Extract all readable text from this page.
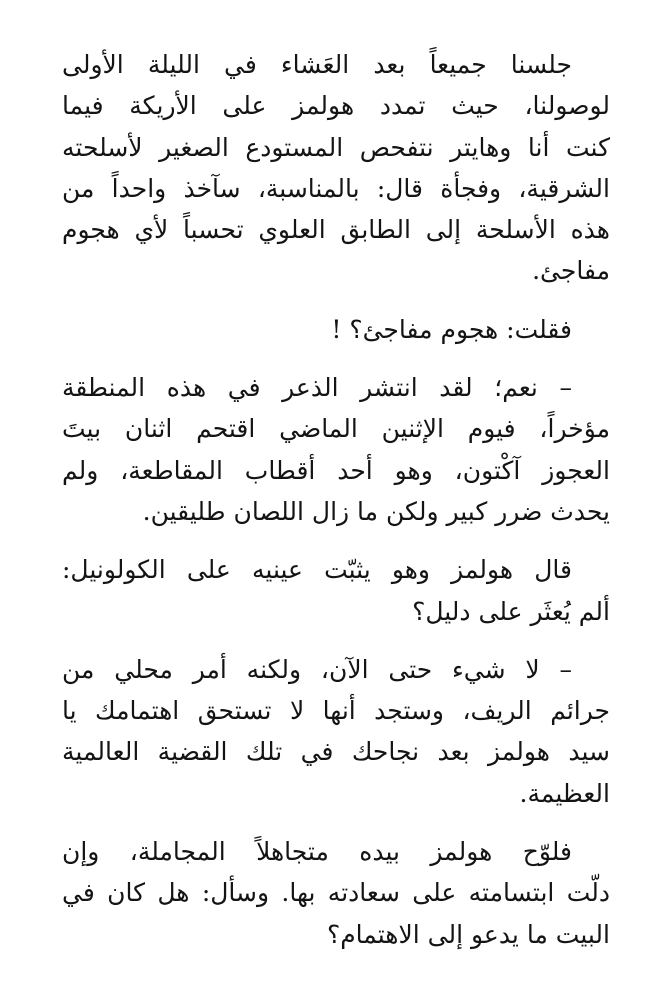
جلسنا جميعاً بعد العَشاء في الليلة الأولى
لوصولنا، حيث تمدد هولمز على الأريكة فيما
كنت أنا وهايتر نتفحص المستودع الصغير لأسلحته
الشرقية، وفجأة قال: بالمناسبة، سآخذ واحداً من
هذه الأسلحة إلى الطابق العلوي تحسباً لأي هجوم
مفاجئ.

فقلت: هجوم مفاجئ؟ !

– نعم؛ لقد انتشر الذعر في هذه المنطقة
مؤخراً، فيوم الإثنين الماضي اقتحم اثنان بيتَ
العجوز آكْتون، وهو أحد أقطاب المقاطعة، ولم
يحدث ضرر كبير ولكن ما زال اللصان طليقين.

قال هولمز وهو يثبّت عينيه على الكولونيل:
ألم يُعثَر على دليل؟

– لا شيء حتى الآن، ولكنه أمر محلي من
جرائم الريف، وستجد أنها لا تستحق اهتمامك يا
سيد هولمز بعد نجاحك في تلك القضية العالمية
العظيمة.

فلوّح هولمز بيده متجاهلاً المجاملة، وإن
دلّت ابتسامته على سعادته بها. وسأل: هل كان في
البيت ما يدعو إلى الاهتمام؟
